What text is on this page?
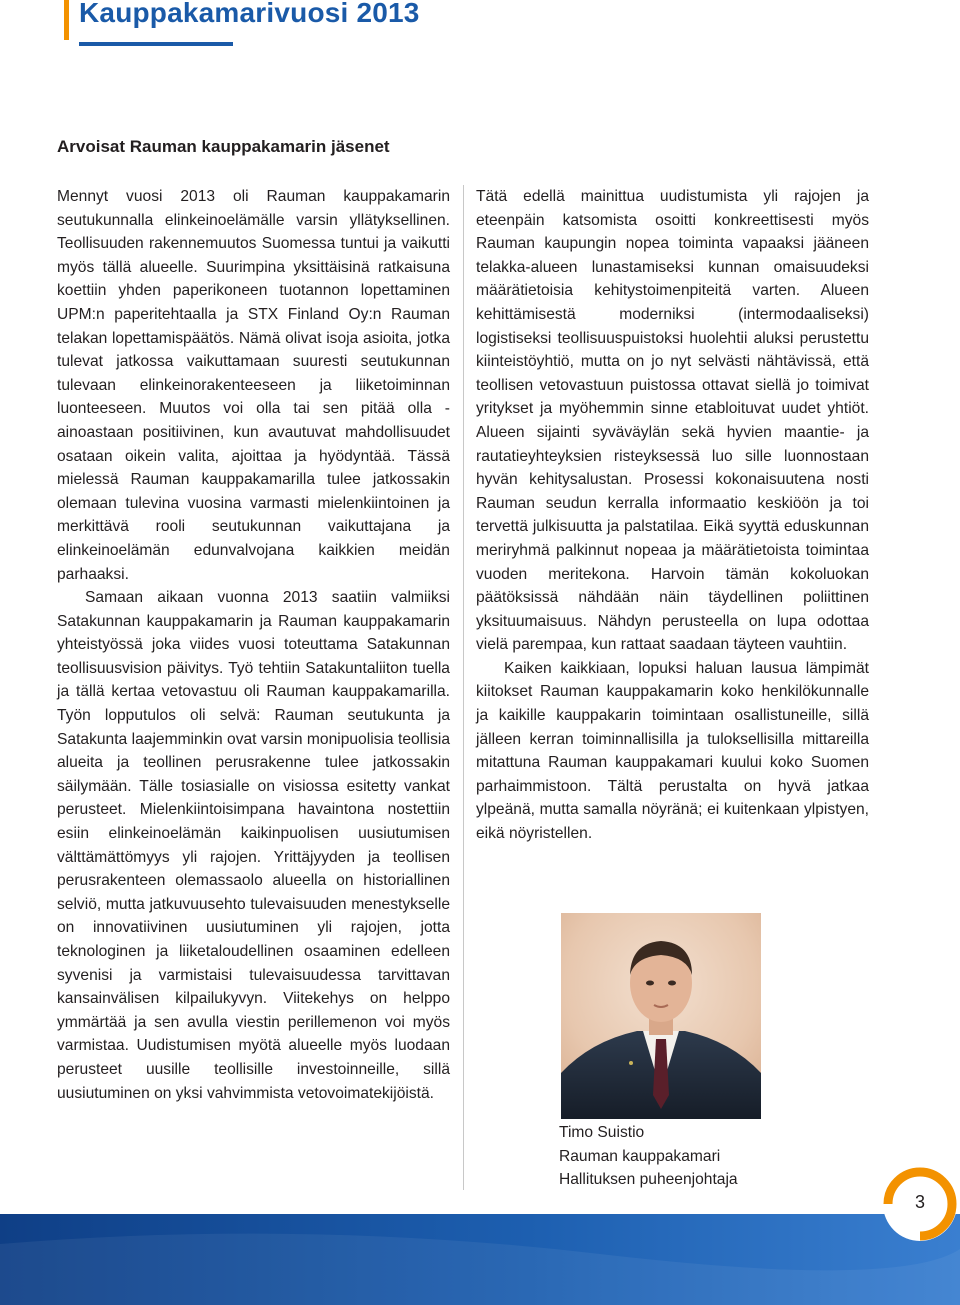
Kauppakamarivuosi 2013
Arvoisat Rauman kauppakamarin jäsenet

Mennyt vuosi 2013 oli Rauman kauppakamarin seutukunnalla elinkeinoelämälle varsin yllätyksellinen. Teollisuuden rakennemuutos Suomessa tuntui ja vaikutti myös tällä alueelle. Suurimpina yksittäisinä ratkaisuna koettiin yhden paperikoneen tuotannon lopettaminen UPM:n paperitehtaalla ja STX Finland Oy:n Rauman telakan lopettamispäätös. Nämä olivat isoja asioita, jotka tulevat jatkossa vaikuttamaan suuresti seutukunnan tulevaan elinkeinorakenteeseen ja liiketoiminnan luonteeseen. Muutos voi olla tai sen pitää olla - ainoastaan positiivinen, kun avautuvat mahdollisuudet osataan oikein valita, ajoittaa ja hyödyntää. Tässä mielessä Rauman kauppakamarilla tulee jatkossakin olemaan tulevina vuosina varmasti mielenkiintoinen ja merkittävä rooli seutukunnan vaikuttajana ja elinkeinoelämän edunvalvojana kaikkien meidän parhaaksi.

Samaan aikaan vuonna 2013 saatiin valmiiksi Satakunnan kauppakamarin ja Rauman kauppakamarin yhteistyössä joka viides vuosi toteuttama Satakunnan teollisuusvision päivitys. Työ tehtiin Satakuntaliiton tuella ja tällä kertaa vetovastuu oli Rauman kauppakamarilla. Työn lopputulos oli selvä: Rauman seutukunta ja Satakunta laajemminkin ovat varsin monipuolisia teollisia alueita ja teollinen perusrakenne tulee jatkossakin säilymään. Tälle tosiasialle on visiossa esitetty vankat perusteet. Mielenkiintoisimpana havaintona nostettiin esiin elinkeinoelämän kaikinpuolisen uusiutumisen välttämättömyys yli rajojen. Yrittäjyyden ja teollisen perusrakenteen olemassaolo alueella on historiallinen selviö, mutta jatkuvuusehto tulevaisuuden menestykselle on innovatiivinen uusiutuminen yli rajojen, jotta teknologinen ja liiketaloudellinen osaaminen edelleen syvenisi ja varmistaisi tulevaisuudessa tarvittavan kansainvälisen kilpailukyvyn. Viitekehys on helppo ymmärtää ja sen avulla viestin perillemenon voi myös varmistaa. Uudistumisen myötä alueelle myös luodaan perusteet uusille teollisille investoinneille, sillä uusiutuminen on yksi vahvimmista vetovoimatekijöistä.

Tätä edellä mainittua uudistumista yli rajojen ja eteenpäin katsomista osoitti konkreettisesti myös Rauman kaupungin nopea toiminta vapaaksi jääneen telakka-alueen lunastamiseksi kunnan omaisuudeksi määrätietoisia kehitystoimenpiteitä varten. Alueen kehittämisestä moderniksi (intermodaaliseksi) logistiseksi teollisuuspuistoksi huolehtii aluksi perustettu kiinteistöyhtiö, mutta on jo nyt selvästi nähtävissä, että teollisen vetovastuun puistossa ottavat siellä jo toimivat yritykset ja myöhemmin sinne etabloituvat uudet yhtiöt. Alueen sijainti syväväylän sekä hyvien maantie- ja rautatieyhteyksien risteyksessä luo sille luonnostaan hyvän kehitysalustan. Prosessi kokonaisuutena nosti Rauman seudun kerralla informaatio keskiöön ja toi tervettä julkisuutta ja palstatilaa. Eikä syyttä eduskunnan meriryhmä palkinnut nopeaa ja määrätietoista toimintaa vuoden meritekona. Harvoin tämän kokoluokan päätöksissä nähdään näin täydellinen poliittinen yksituumaisuus. Nähdyn perusteella on lupa odottaa vielä parempaa, kun rattaat saadaan täyteen vauhtiin.

Kaiken kaikkiaan, lopuksi haluan lausua lämpimät kiitokset Rauman kauppakamarin koko henkilökunnalle ja kaikille kauppakarin toimintaan osallistuneille, sillä jälleen kerran toiminnallisilla ja tuloksellisilla mittareilla mitattuna Rauman kauppakamari kuului koko Suomen parhaimmistoon. Tältä perustalta on hyvä jatkaa ylpeänä, mutta samalla nöyränä; ei kuitenkaan ylpistyen, eikä nöyristellen.

Timo Suistio
Rauman kauppakamari
Hallituksen puheenjohtaja
3
